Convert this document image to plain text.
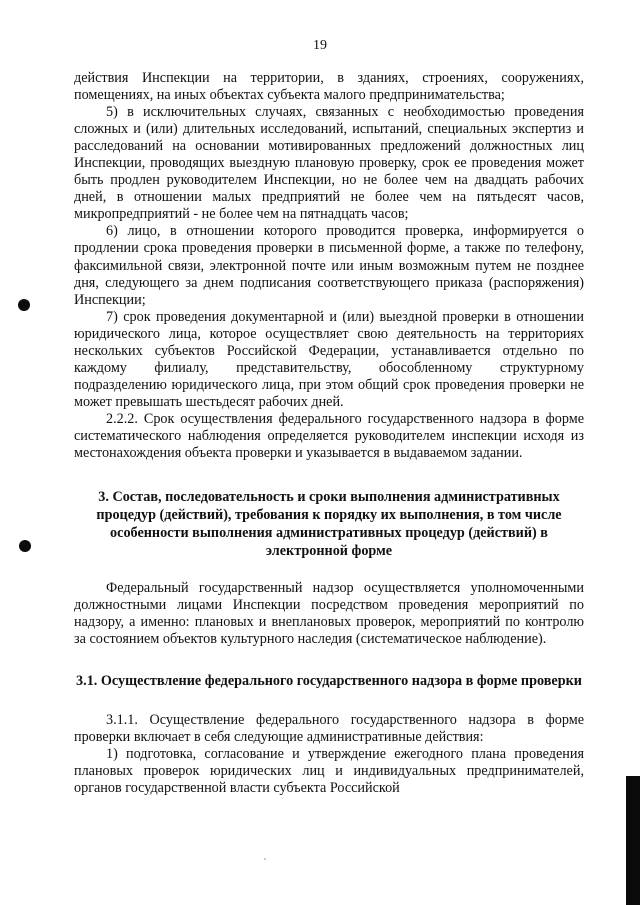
19

действия Инспекции на территории, в зданиях, строениях, сооружениях, помещениях, на иных объектах субъекта малого предпринимательства;

5) в исключительных случаях, связанных с необходимостью проведения сложных и (или) длительных исследований, испытаний, специальных экспертиз и расследований на основании мотивированных предложений должностных лиц Инспекции, проводящих выездную плановую проверку, срок ее проведения может быть продлен руководителем Инспекции, но не более чем на двадцать рабочих дней, в отношении малых предприятий не более чем на пятьдесят часов, микропредприятий - не более чем на пятнадцать часов;

6) лицо, в отношении которого проводится проверка, информируется о продлении срока проведения проверки в письменной форме, а также по телефону, факсимильной связи, электронной почте или иным возможным путем не позднее дня, следующего за днем подписания соответствующего приказа (распоряжения) Инспекции;

7) срок проведения документарной и (или) выездной проверки в отношении юридического лица, которое осуществляет свою деятельность на территориях нескольких субъектов Российской Федерации, устанавливается отдельно по каждому филиалу, представительству, обособленному структурному подразделению юридического лица, при этом общий срок проведения проверки не может превышать шестьдесят рабочих дней.

2.2.2. Срок осуществления федерального государственного надзора в форме систематического наблюдения определяется руководителем инспекции исходя из местонахождения объекта проверки и указывается в выдаваемом задании.

3. Состав, последовательность и сроки выполнения административных процедур (действий), требования к порядку их выполнения, в том числе особенности выполнения административных процедур (действий) в электронной форме

Федеральный государственный надзор осуществляется уполномоченными должностными лицами Инспекции посредством проведения мероприятий по надзору, а именно: плановых и внеплановых проверок, мероприятий по контролю за состоянием объектов культурного наследия (систематическое наблюдение).

3.1. Осуществление федерального государственного надзора в форме проверки

3.1.1. Осуществление федерального государственного надзора в форме проверки включает в себя следующие административные действия:

1) подготовка, согласование и утверждение ежегодного плана проведения плановых проверок юридических лиц и индивидуальных предпринимателей, органов государственной власти субъекта Российской
